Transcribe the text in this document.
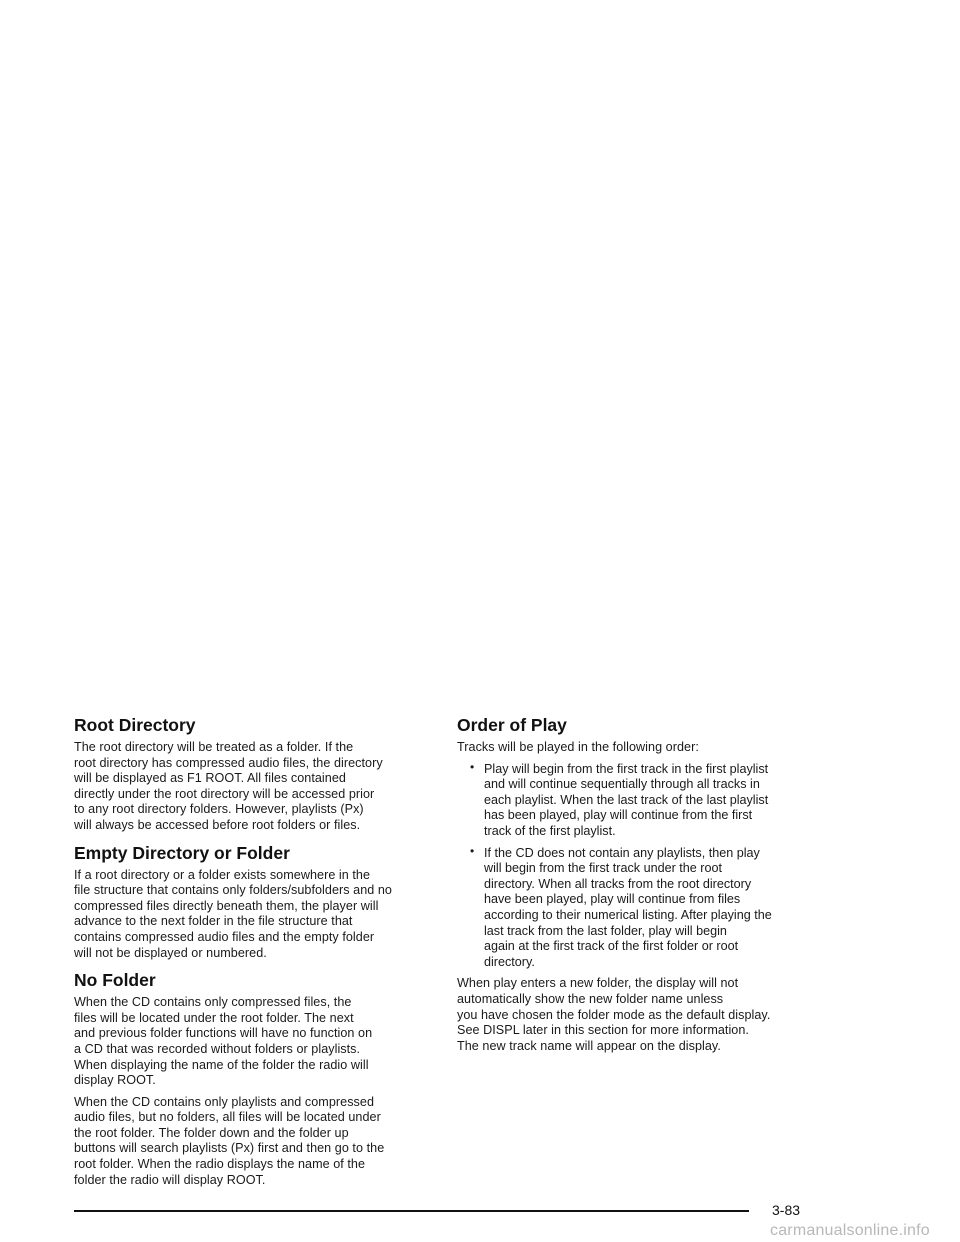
Root Directory

The root directory will be treated as a folder. If the
root directory has compressed audio files, the directory
will be displayed as F1 ROOT. All files contained
directly under the root directory will be accessed prior
to any root directory folders. However, playlists (Px)
will always be accessed before root folders or files.

Empty Directory or Folder

If a root directory or a folder exists somewhere in the
file structure that contains only folders/subfolders and no
compressed files directly beneath them, the player will
advance to the next folder in the file structure that
contains compressed audio files and the empty folder
will not be displayed or numbered.

No Folder

When the CD contains only compressed files, the
files will be located under the root folder. The next
and previous folder functions will have no function on
a CD that was recorded without folders or playlists.
When displaying the name of the folder the radio will
display ROOT.

When the CD contains only playlists and compressed
audio files, but no folders, all files will be located under
the root folder. The folder down and the folder up
buttons will search playlists (Px) first and then go to the
root folder. When the radio displays the name of the
folder the radio will display ROOT.

Order of Play

Tracks will be played in the following order:

• Play will begin from the first track in the first playlist
and will continue sequentially through all tracks in
each playlist. When the last track of the last playlist
has been played, play will continue from the first
track of the first playlist.
• If the CD does not contain any playlists, then play
will begin from the first track under the root
directory. When all tracks from the root directory
have been played, play will continue from files
according to their numerical listing. After playing the
last track from the last folder, play will begin
again at the first track of the first folder or root
directory.

When play enters a new folder, the display will not
automatically show the new folder name unless
you have chosen the folder mode as the default display.
See DISPL later in this section for more information.
The new track name will appear on the display.

3-83
carmanualsonline.info
